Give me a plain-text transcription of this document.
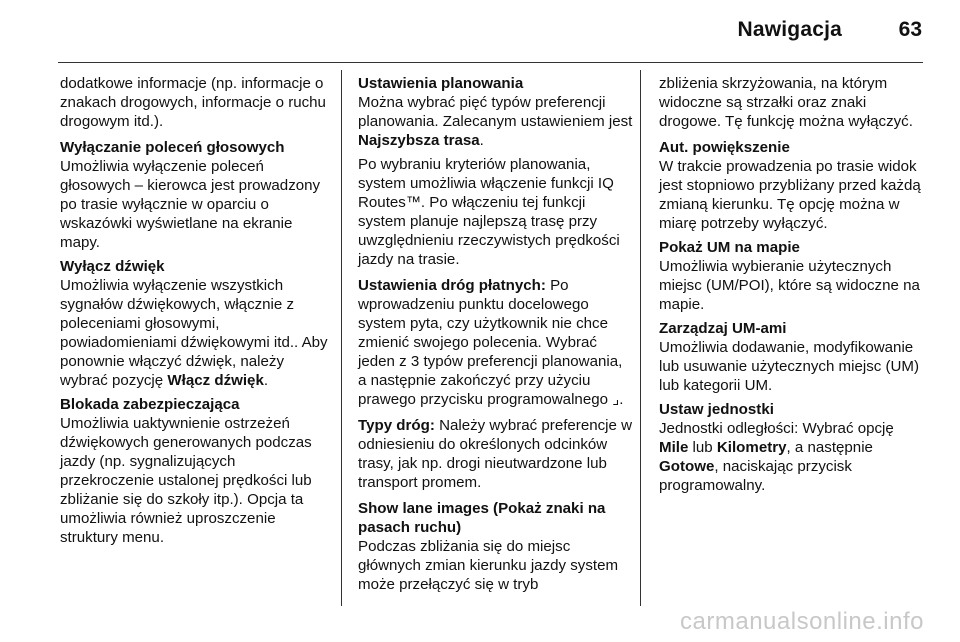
Nawigacja	63

dodatkowe informacje (np. informacje o znakach drogowych, informacje o ruchu drogowym itd.).

Wyłączanie poleceń głosowych
Umożliwia wyłączenie poleceń głosowych – kierowca jest prowadzony po trasie wyłącznie w oparciu o wskazówki wyświetlane na ekranie mapy.
Wyłącz dźwięk
Umożliwia wyłączenie wszystkich sygnałów dźwiękowych, włącznie z poleceniami głosowymi, powiadomieniami dźwiękowymi itd.. Aby ponownie włączyć dźwięk, należy wybrać pozycję Włącz dźwięk.
Blokada zabezpieczająca
Umożliwia uaktywnienie ostrzeżeń dźwiękowych generowanych podczas jazdy (np. sygnalizujących przekroczenie ustalonej prędkości lub zbliżanie się do szkoły itp.). Opcja ta umożliwia również uproszczenie struktury menu.
Ustawienia planowania
Można wybrać pięć typów preferencji planowania. Zalecanym ustawieniem jest Najszybsza trasa.

Po wybraniu kryteriów planowania, system umożliwia włączenie funkcji IQ Routes™. Po włączeniu tej funkcji system planuje najlepszą trasę przy uwzględnieniu rzeczywistych prędkości jazdy na trasie.

Ustawienia dróg płatnych: Po wprowadzeniu punktu docelowego system pyta, czy użytkownik nie chce zmienić swojego polecenia. Wybrać jeden z 3 typów preferencji planowania, a następnie zakończyć przy użyciu prawego przycisku programowalnego ⌟.

Typy dróg: Należy wybrać preferencje w odniesieniu do określonych odcinków trasy, jak np. drogi nieutwardzone lub transport promem.

Show lane images (Pokaż znaki na pasach ruchu)
Podczas zbliżania się do miejsc głównych zmian kierunku jazdy system może przełączyć się w tryb

zbliżenia skrzyżowania, na którym widoczne są strzałki oraz znaki drogowe. Tę funkcję można wyłączyć.

Aut. powiększenie
W trakcie prowadzenia po trasie widok jest stopniowo przybliżany przed każdą zmianą kierunku. Tę opcję można w miarę potrzeby wyłączyć.
Pokaż UM na mapie
Umożliwia wybieranie użytecznych miejsc (UM/POI), które są widoczne na mapie.
Zarządzaj UM-ami
Umożliwia dodawanie, modyfikowanie lub usuwanie użytecznych miejsc (UM) lub kategorii UM.
Ustaw jednostki
Jednostki odległości: Wybrać opcję Mile lub Kilometry, a następnie Gotowe, naciskając przycisk programowalny.
carmanualsonline.info
